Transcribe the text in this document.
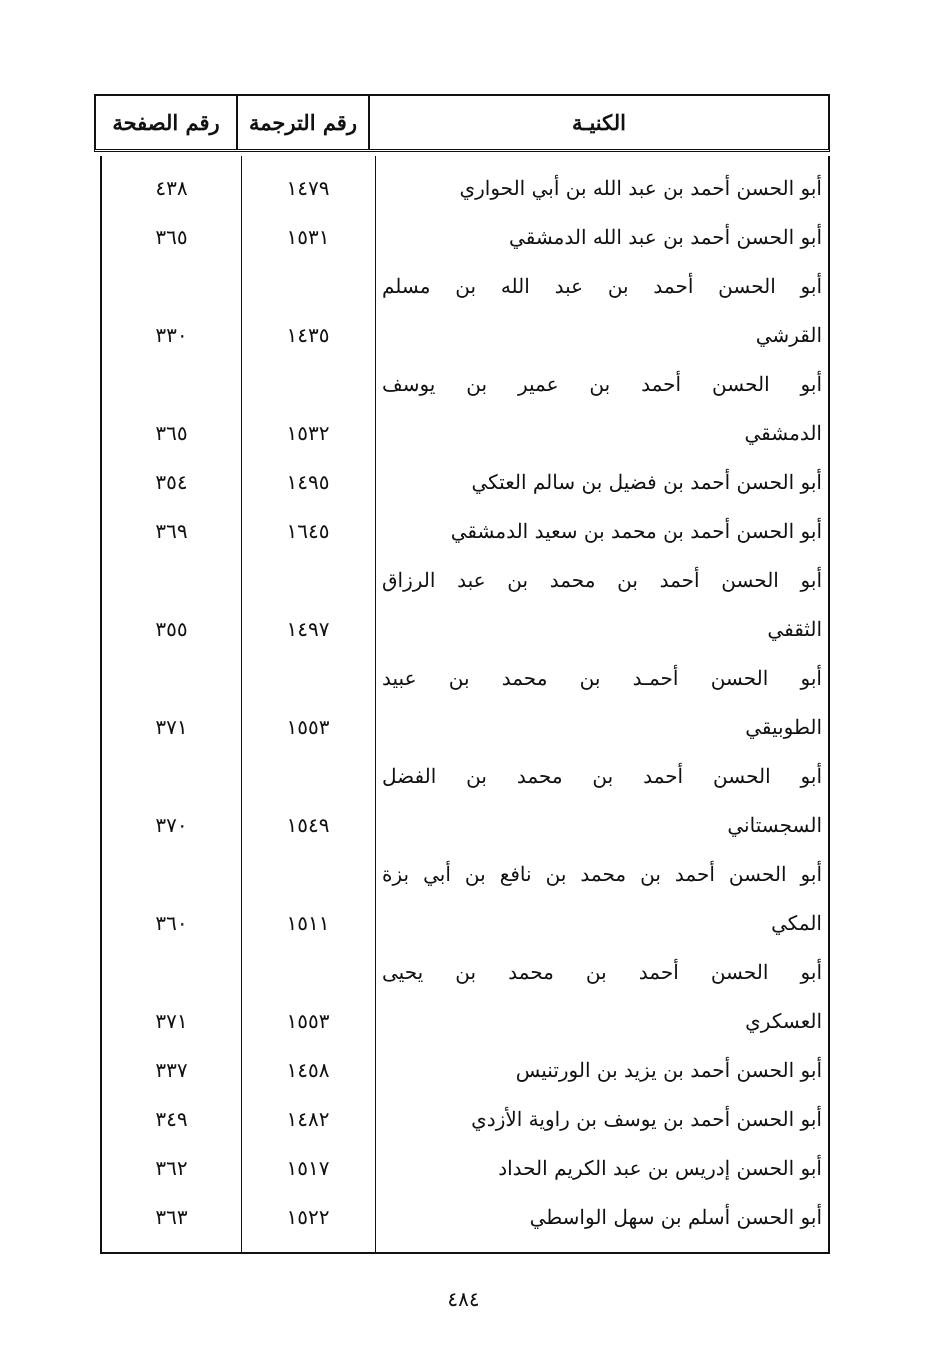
رقم الصفحة	رقم الترجمة	الكنيـة
أبو الحسن أحمد بن عبد الله بن أبي الحواري
١٤٧٩
٤٣٨
أبو الحسن أحمد بن عبد الله الدمشقي
١٥٣١
٣٦٥
أبو الحسن أحمد بن عبد الله بن مسلم
القرشي
١٤٣٥
٣٣٠
أبو الحسن أحمد بن عمير بن يوسف
الدمشقي
١٥٣٢
٣٦٥
أبو الحسن أحمد بن فضيل بن سالم العتكي
١٤٩٥
٣٥٤
أبو الحسن أحمد بن محمد بن سعيد الدمشقي
١٦٤٥
٣٦٩
أبو الحسن أحمد بن محمد بن عبد الرزاق
الثقفي
١٤٩٧
٣٥٥
أبو الحسن أحمـد بن محمد بن عبيد
الطوبيقي
١٥٥٣
٣٧١
أبو الحسن أحمد بن محمد بن الفضل
السجستاني
١٥٤٩
٣٧٠
أبو الحسن أحمد بن محمد بن نافع بن أبي بزة
المكي
١٥١١
٣٦٠
أبو الحسن أحمد بن محمد بن يحيى
العسكري
١٥٥٣
٣٧١
أبو الحسن أحمد بن يزيد بن الورتنيس
١٤٥٨
٣٣٧
أبو الحسن أحمد بن يوسف بن راوية الأزدي
١٤٨٢
٣٤٩
أبو الحسن إدريس بن عبد الكريم الحداد
١٥١٧
٣٦٢
أبو الحسن أسلم بن سهل الواسطي
١٥٢٢
٣٦٣
٤٨٤
